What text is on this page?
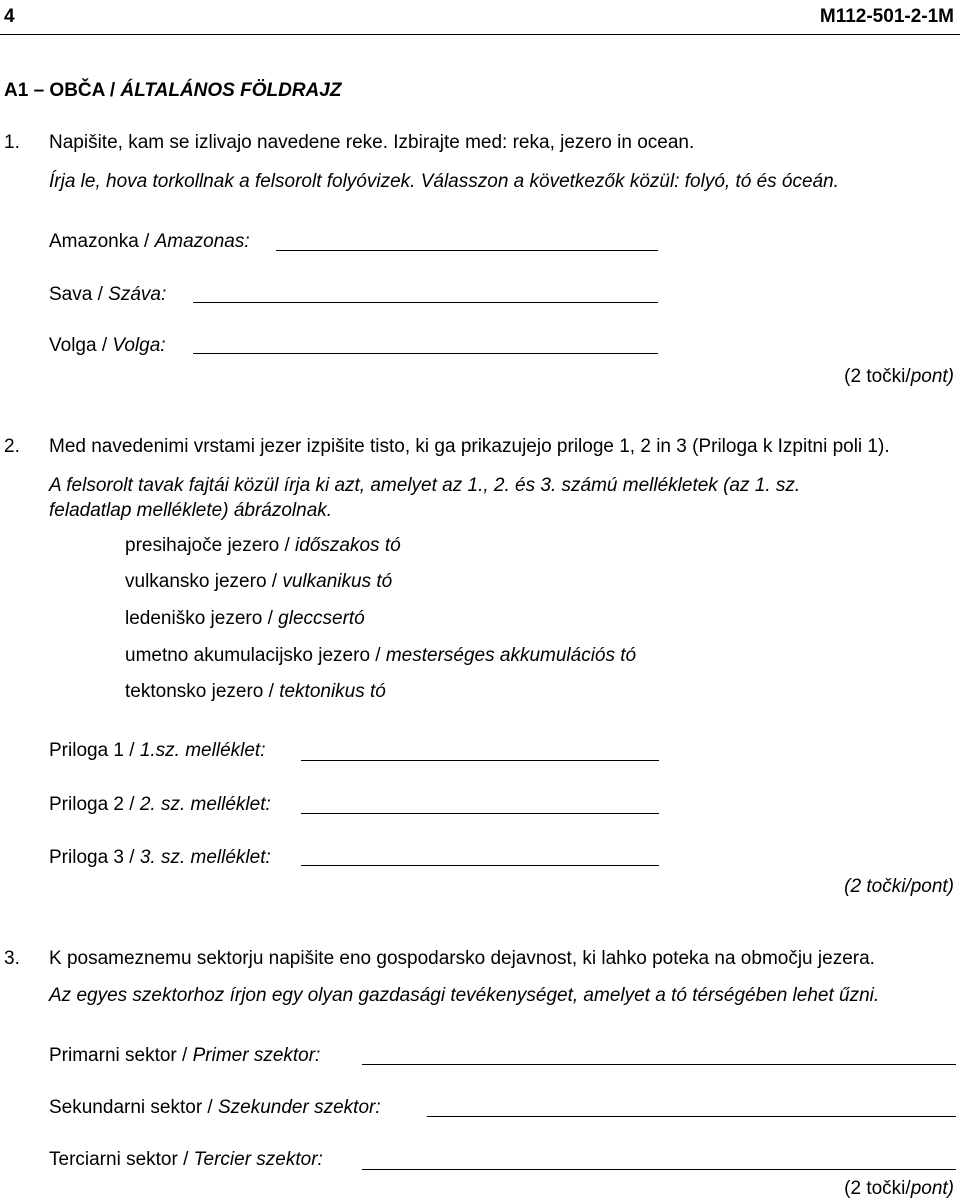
4	M112-501-2-1M
A1 – OBČA / ÁLTALÁNOS FÖLDRAJZ
1. Napišite, kam se izlivajo navedene reke. Izbirajte med: reka, jezero in ocean.
Írja le, hova torkollnak a felsorolt folyóvizek. Válasszon a következők közül: folyó, tó és óceán.
Amazonka / Amazonas:
Sava / Száva:
Volga / Volga:
(2 točki/pont)
2. Med navedenimi vrstami jezer izpišite tisto, ki ga prikazujejo priloge 1, 2 in 3 (Priloga k Izpitni poli 1).
A felsorolt tavak fajtái közül írja ki azt, amelyet az 1., 2. és 3. számú mellékletek (az 1. sz.
feladatlap melléklete) ábrázolnak.
presihajoče jezero / időszakos tó
vulkansko jezero / vulkanikus tó
ledeniško jezero / gleccsertó
umetno akumulacijsko jezero / mesterséges akkumulációs tó
tektonsko jezero / tektonikus tó
Priloga 1 / 1.sz. melléklet:
Priloga 2 / 2. sz. melléklet:
Priloga 3 / 3. sz. melléklet:
(2 točki/pont)
3. K posameznemu sektorju napišite eno gospodarsko dejavnost, ki lahko poteka na območju jezera.
Az egyes szektorhoz írjon egy olyan gazdasági tevékenységet, amelyet a tó térségében lehet űzni.
Primarni sektor / Primer szektor:
Sekundarni sektor / Szekunder szektor:
Terciarni sektor / Tercier szektor:
(2 točki/pont)
